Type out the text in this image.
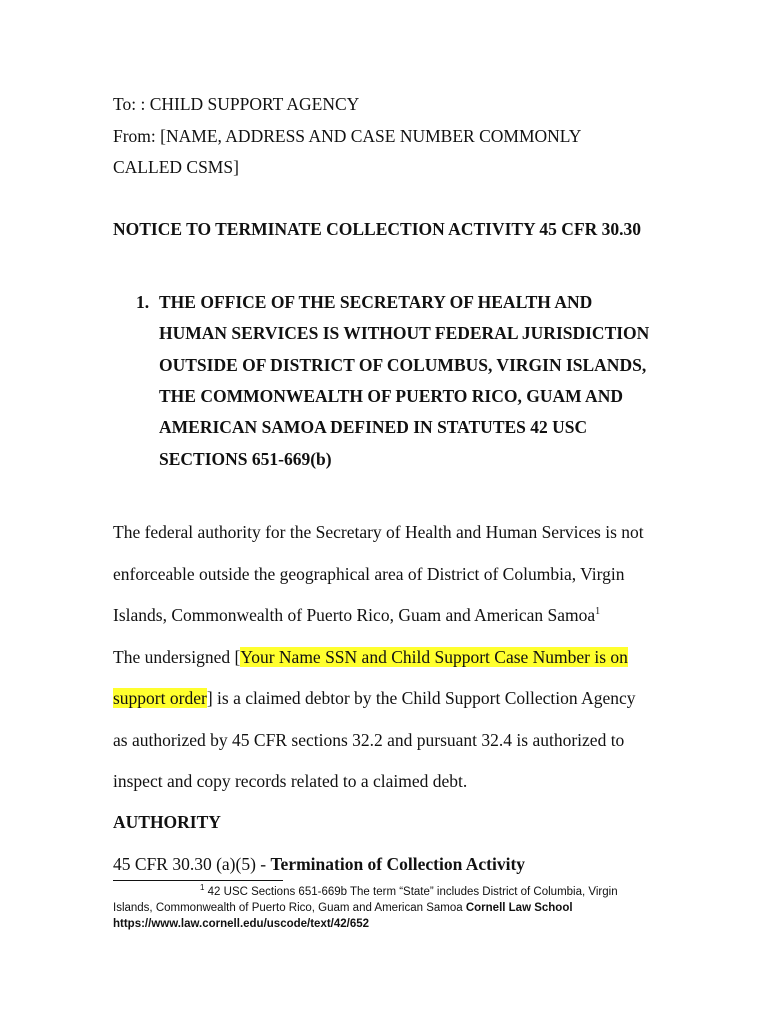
To: : CHILD SUPPORT AGENCY
From: [NAME, ADDRESS AND CASE NUMBER COMMONLY
CALLED CSMS]
NOTICE TO TERMINATE COLLECTION ACTIVITY 45 CFR 30.30
1. THE OFFICE OF THE SECRETARY OF HEALTH AND
HUMAN SERVICES IS WITHOUT FEDERAL JURISDICTION
OUTSIDE OF DISTRICT OF COLUMBUS, VIRGIN ISLANDS,
THE COMMONWEALTH OF PUERTO RICO, GUAM AND
AMERICAN SAMOA DEFINED IN STATUTES 42 USC
SECTIONS 651-669(b)
The federal authority for the Secretary of Health and Human Services is not
enforceable outside the geographical area of District of Columbia, Virgin
Islands, Commonwealth of Puerto Rico, Guam and American Samoa$^1$
The undersigned [Your Name SSN and Child Support Case Number is on
support order] is a claimed debtor by the Child Support Collection Agency
as authorized by 45 CFR sections 32.2 and pursuant 32.4 is authorized to
inspect and copy records related to a claimed debt.
AUTHORITY
45 CFR 30.30 (a)(5) - Termination of Collection Activity
$^1$ 42 USC Sections 651-669b The term “State” includes District of Columbia, Virgin
Islands, Commonwealth of Puerto Rico, Guam and American Samoa Cornell Law School
https://www.law.cornell.edu/uscode/text/42/652
